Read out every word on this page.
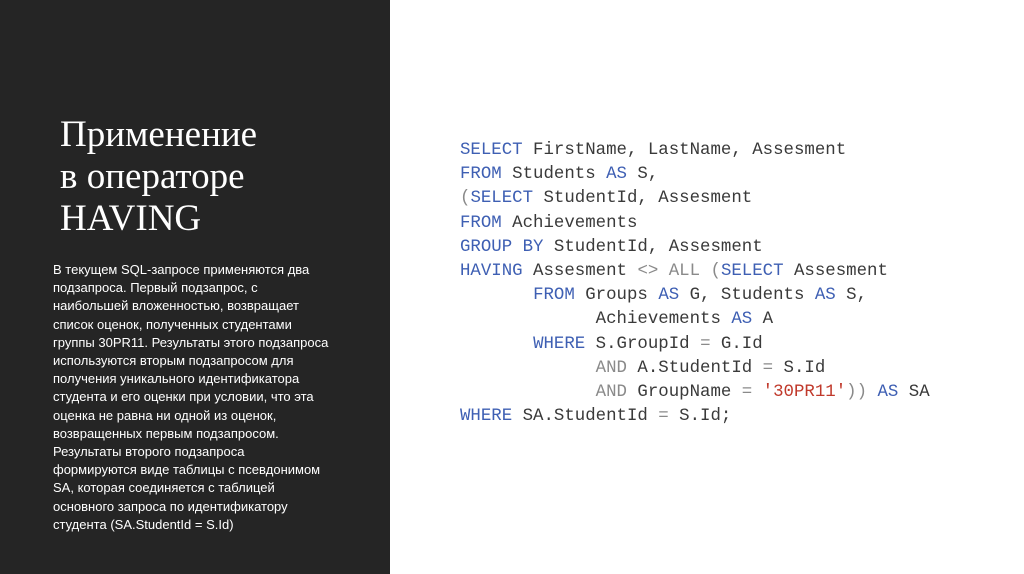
Применение
в операторе
HAVING
В текущем SQL-запросе применяются два
подзапроса. Первый подзапрос, с
наибольшей вложенностью, возвращает
список оценок, полученных студентами
группы 30PR11. Результаты этого подзапроса
используются вторым подзапросом для
получения уникального идентификатора
студента и его оценки при условии, что эта
оценка не равна ни одной из оценок,
возвращенных первым подзапросом.
Результаты второго подзапроса
формируются виде таблицы с псевдонимом
SA, которая соединяется с таблицей
основного запроса по идентификатору
студента (SA.StudentId = S.Id)
SELECT FirstName, LastName, Assesment
FROM Students AS S,
(SELECT StudentId, Assesment
FROM Achievements
GROUP BY StudentId, Assesment
HAVING Assesment <> ALL (SELECT Assesment
FROM Groups AS G, Students AS S,
Achievements AS A
WHERE S.GroupId = G.Id
AND A.StudentId = S.Id
AND GroupName = '30PR11')) AS SA
WHERE SA.StudentId = S.Id;
